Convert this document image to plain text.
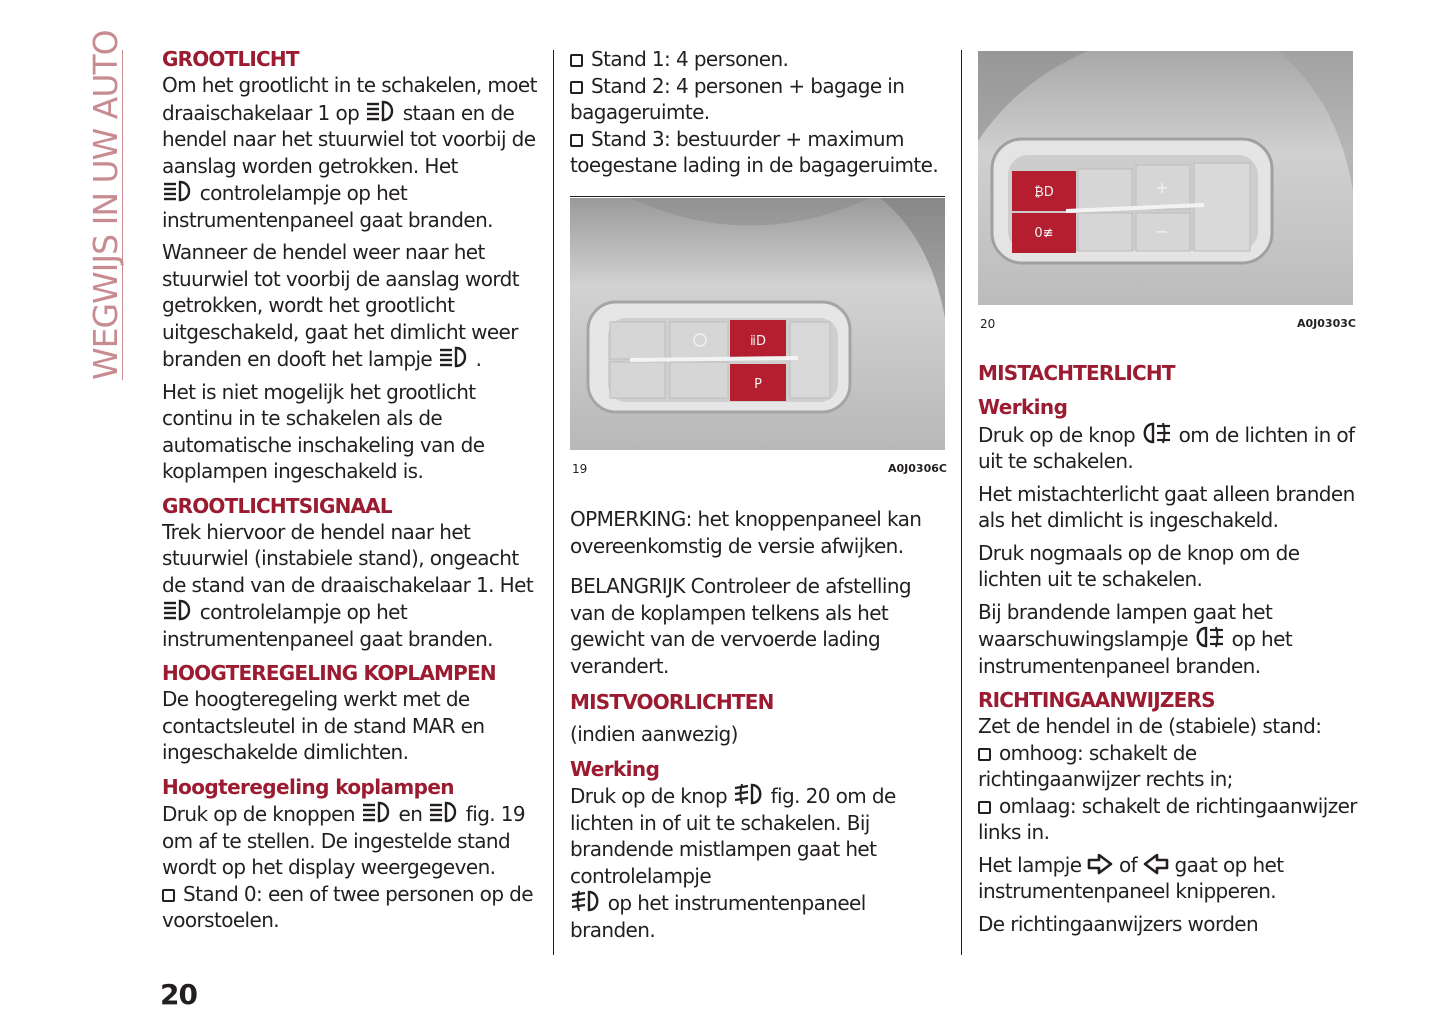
WEGWIJS IN UW AUTO GROOTLICHT

Om het grootlicht in te schakelen, moet draaischakelaar 1 op staan en de hendel naar het stuurwiel tot voorbij de aanslag worden getrokken. Het
controlelampje op het instrumentenpaneel gaat branden.

Wanneer de hendel weer naar het stuurwiel tot voorbij de aanslag wordt getrokken, wordt het grootlicht uitgeschakeld, gaat het dimlicht weer branden en dooft het lampje .

Het is niet mogelijk het grootlicht continu in te schakelen als de automatische inschakeling van de koplampen ingeschakeld is.

GROOTLICHTSIGNAAL

Trek hiervoor de hendel naar het stuurwiel (instabiele stand), ongeacht de stand van de draaischakelaar 1. Het
controlelampje op het instrumentenpaneel gaat branden.

HOOGTEREGELING KOPLAMPEN

De hoogteregeling werkt met de contactsleutel in de stand MAR en ingeschakelde dimlichten.

Hoogteregeling koplampen

Druk op de knoppen en fig. 19 om af te stellen. De ingestelde stand wordt op het display weergegeven.

Stand 0: een of twee personen op de voorstoelen.

Stand 1: 4 personen.

Stand 2: 4 personen + bagage in bagageruimte.

Stand 3: bestuurder + maximum toegestane lading in de bagageruimte.

ⅱD
P
19	A0J0306C

OPMERKING: het knoppenpaneel kan overeenkomstig de versie afwijken.

BELANGRIJK Controleer de afstelling van de koplampen telkens als het gewicht van de vervoerde lading verandert.

MISTVOORLICHTEN

(indien aanwezig)

Werking

Druk op de knop fig. 20 om de lichten in of uit te schakelen. Bij brandende mistlampen gaat het controlelampje
op het instrumentenpaneel branden.

₿D
0≢
+
−
20	A0J0303C
MISTACHTERLICHT
Werking

Druk op de knop om de lichten in of uit te schakelen.

Het mistachterlicht gaat alleen branden als het dimlicht is ingeschakeld.

Druk nogmaals op de knop om de lichten uit te schakelen.

Bij brandende lampen gaat het waarschuwingslampje op het instrumentenpaneel branden.

RICHTINGAANWIJZERS

Zet de hendel in de (stabiele) stand:

omhoog: schakelt de richtingaanwijzer rechts in;

omlaag: schakelt de richtingaanwijzer links in.

Het lampje of gaat op het instrumentenpaneel knipperen.

De richtingaanwijzers worden

20
